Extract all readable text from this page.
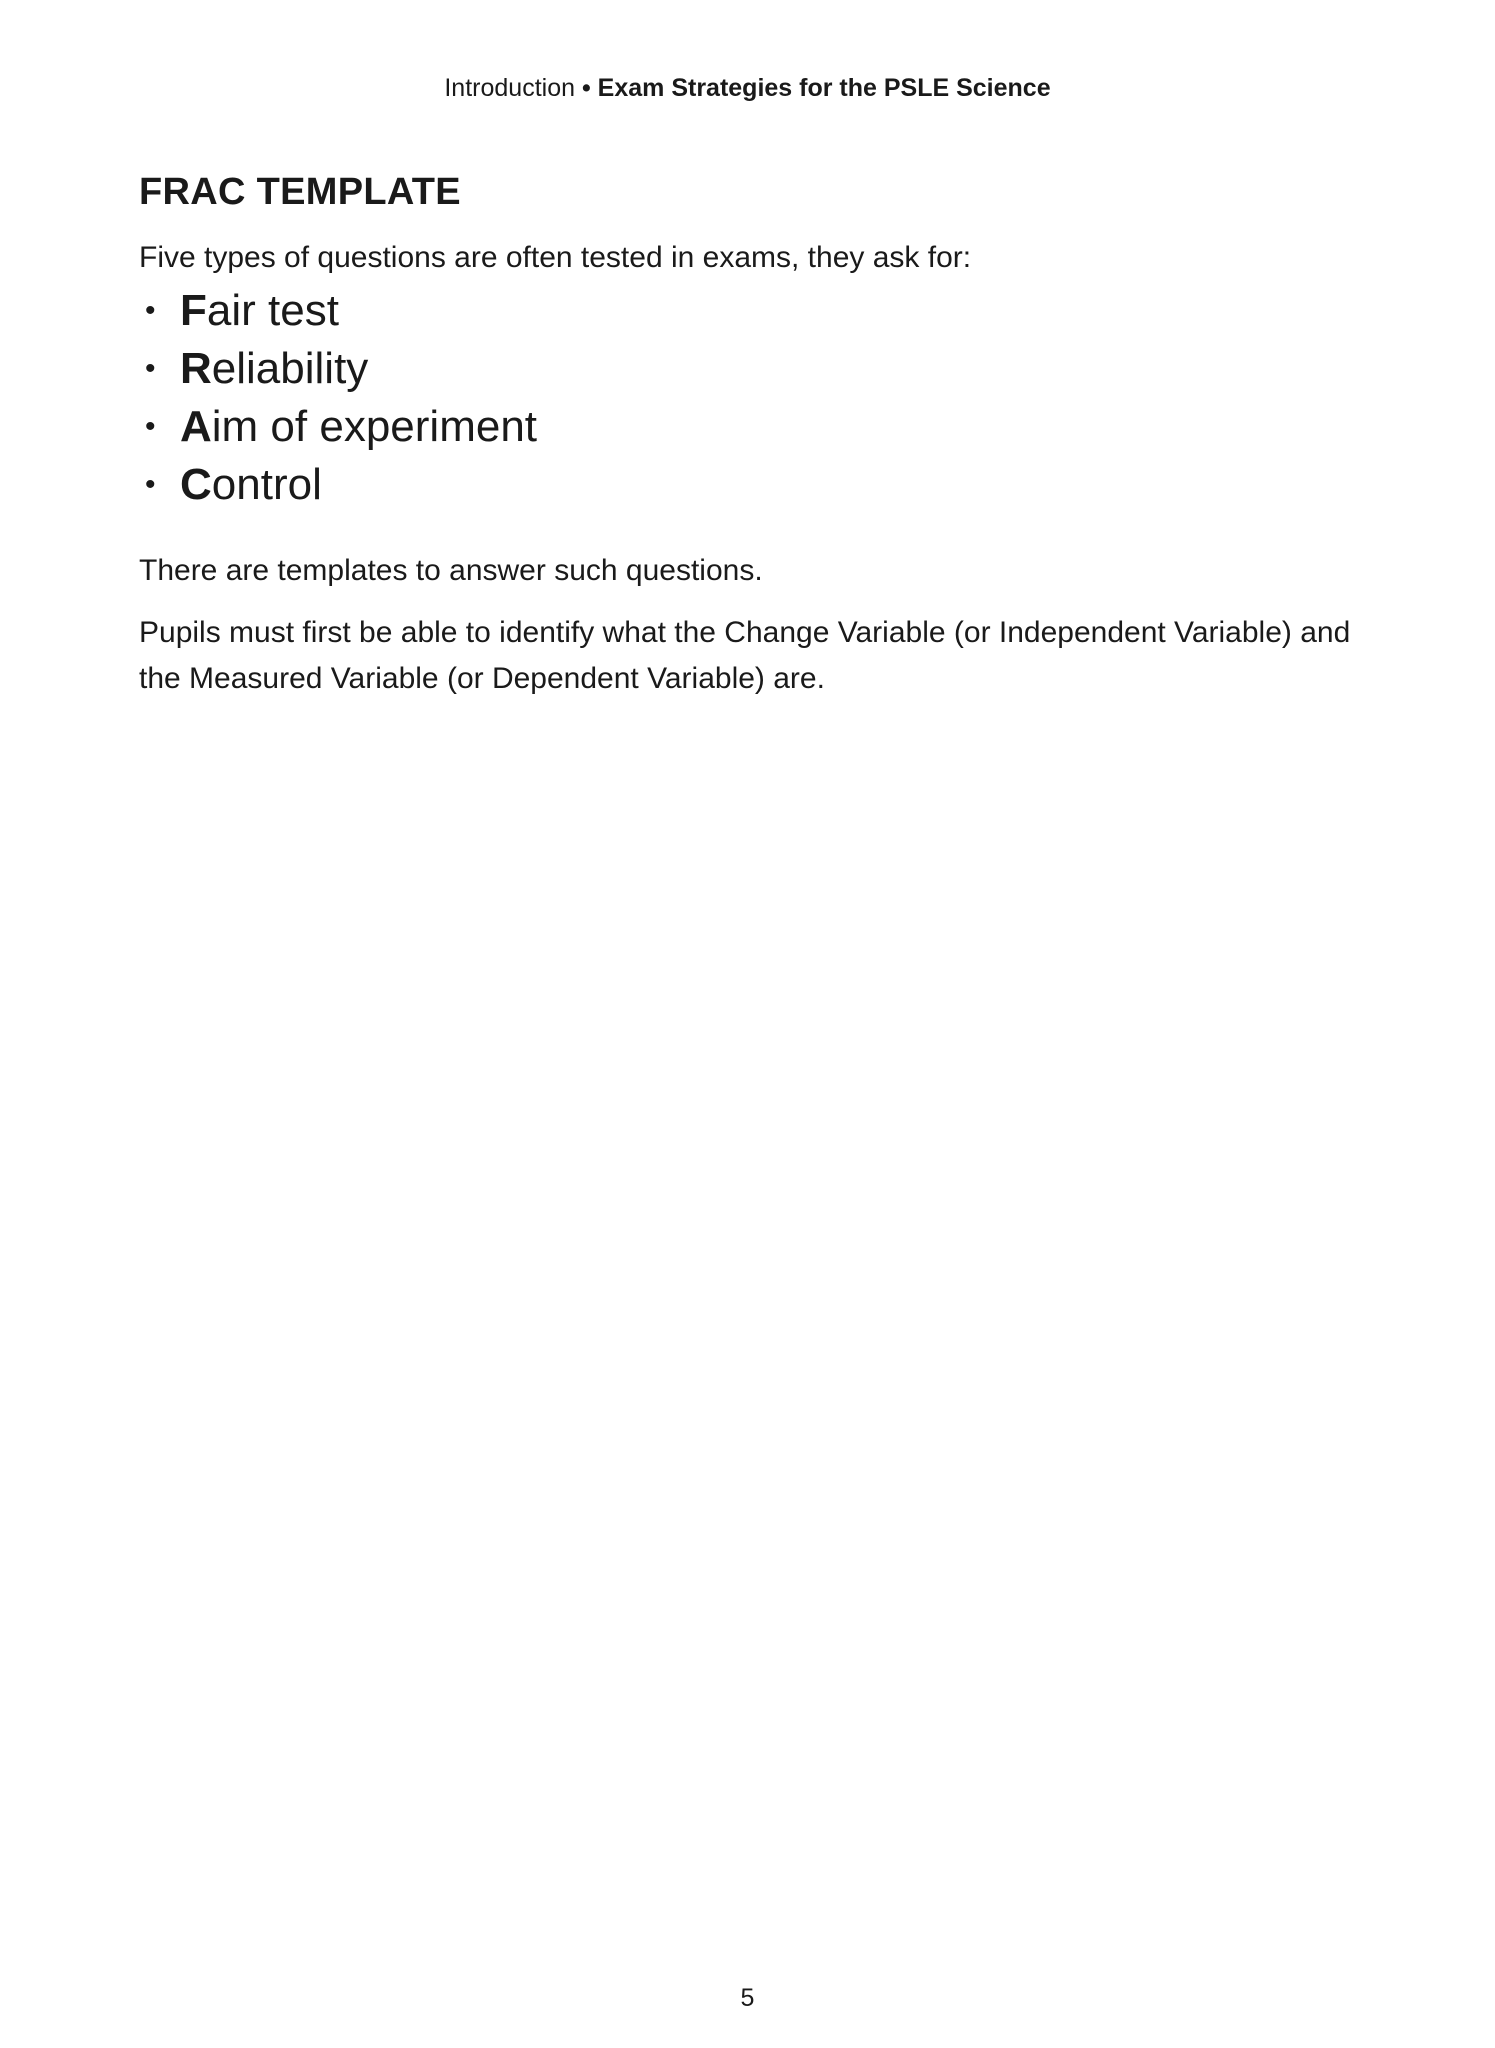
Introduction • Exam Strategies for the PSLE Science
FRAC TEMPLATE

Five types of questions are often tested in exams, they ask for:

• F air test
• R eliability
• A im of experiment
• C ontrol

There are templates to answer such questions.

Pupils must first be able to identify what the Change Variable (or Independent Variable) and the Measured Variable (or Dependent Variable) are.

5
